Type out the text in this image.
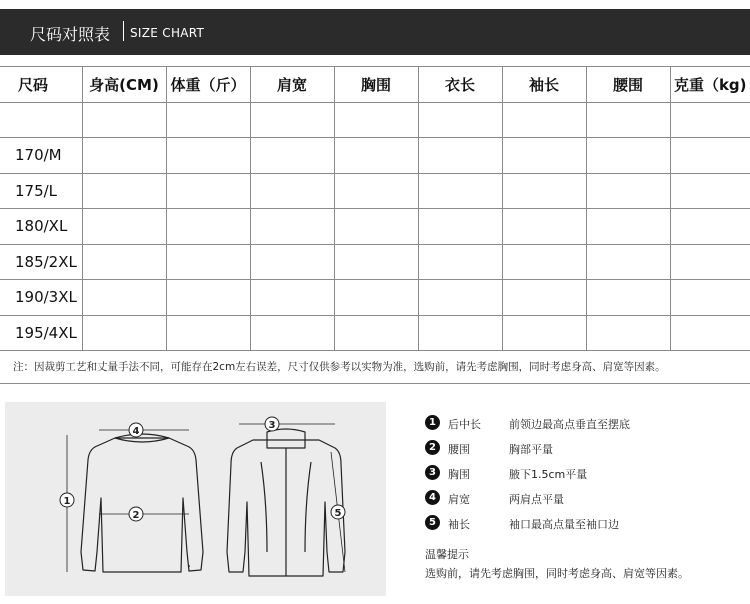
尺码对照表 SIZE CHART
尺码	身高(CM)	体重（斤）	肩宽	胸围	衣长	袖长	腰围	克重（kg)

170/M								
175/L								
180/XL								
185/2XL								
190/3XL								
195/4XL								
注：因裁剪工艺和丈量手法不同，可能存在2cm左右误差，尺寸仅供参考以实物为准，选购前，请先考虑胸围，同时考虑身高、肩宽等因素。
1
2
3
4
5
1	后中长	前领边最高点垂直至摆底
2	腰围	胸部平量
3	胸围	腋下1.5cm平量
4	肩宽	两肩点平量
5	袖长	袖口最高点量至袖口边
温馨提示
选购前，请先考虑胸围，同时考虑身高、肩宽等因素。
